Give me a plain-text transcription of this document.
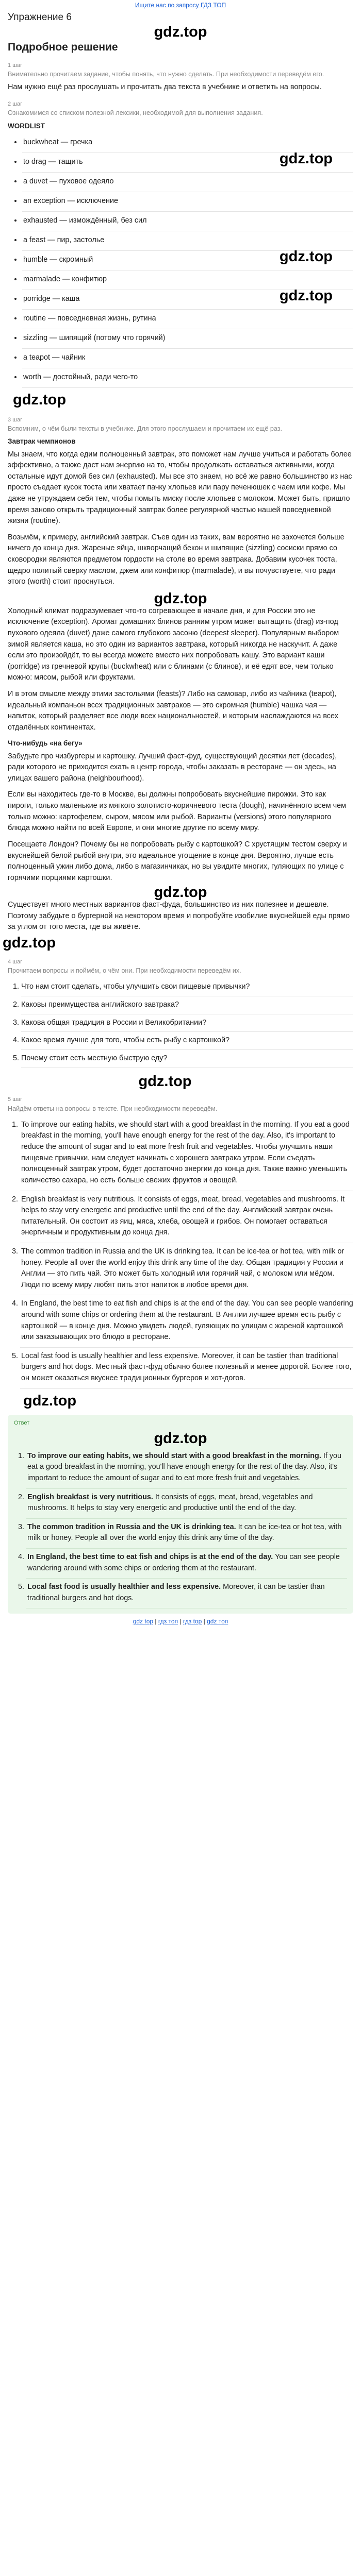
Ищите нас по запросу ГДЗ ТОП
Упражнение 6
gdz.top
Подробное решение
1 шаг
Внимательно прочитаем задание, чтобы понять, что нужно сделать. При необходимости переведём его.

Нам нужно ещё раз прослушать и прочитать два текста в учебнике и ответить на вопросы.

2 шаг
Ознакомимся со списком полезной лексики, необходимой для выполнения задания.
WORDLIST
• buckwheat — гречка
• to drag — тащить	gdz.top
• a duvet — пуховое одеяло
• an exception — исключение
• exhausted — измождённый, без сил
• a feast — пир, застолье
• humble — скромный	gdz.top
• marmalade — конфитюр
• porridge — каша	gdz.top
• routine — повседневная жизнь, рутина
• sizzling — шипящий (потому что горячий)
• a teapot — чайник
• worth — достойный, ради чего-то
gdz.top
3 шаг
Вспомним, о чём были тексты в учебнике. Для этого прослушаем и прочитаем их ещё раз.
Завтрак чемпионов

Мы знаем, что когда едим полноценный завтрак, это поможет нам лучше учиться и работать более эффективно, а также даст нам энергию на то, чтобы продолжать оставаться активными, когда остальные идут домой без сил (exhausted). Мы все это знаем, но всё же равно большинство из нас просто съедает кусок тоста или хватает пачку хлопьев или пару печенюшек с чаем или кофе. Мы даже не утруждаем себя тем, чтобы помыть миску после хлопьев с молоком. Может быть, пришло время заново открыть традиционный завтрак более регулярной частью нашей повседневной жизни (routine).

Возьмём, к примеру, английский завтрак. Съев один из таких, вам вероятно не захочется больше ничего до конца дня. Жареные яйца, шкворчащий бекон и шипящие (sizzling) сосиски прямо со сковородки являются предметом гордости на столе во время завтрака. Добавим кусочек тоста, щедро политый сверху маслом, джем или конфитюр (marmalade), и вы почувствуете, что ради этого (worth) стоит проснуться.

gdz.top

Холодный климат подразумевает что-то согревающее в начале дня, и для России это не исключение (exception). Аромат домашних блинов ранним утром может вытащить (drag) из-под пухового одеяла (duvet) даже самого глубокого засоню (deepest sleeper). Популярным выбором зимой является каша, но это один из вариантов завтрака, который никогда не наскучит. А даже если это произойдёт, то вы всегда можете вместо них попробовать кашу. Это вариант каши (porridge) из гречневой крупы (buckwheat) или с блинами (с блинов), и её едят все, чем только можно: мясом, рыбой или фруктами.

И в этом смысле между этими застольями (feasts)? Либо на самовар, либо из чайника (teapot), идеальный компаньон всех традиционных завтраков — это скромная (humble) чашка чая — напиток, который разделяет все люди всех национальностей, и которым наслаждаются на всех отдалённых континентах.

Что-нибудь «на бегу»

Забудьте про чизбургеры и картошку. Лучший фаст-фуд, существующий десятки лет (decades), ради которого не приходится ехать в центр города, чтобы заказать в ресторане — он здесь, на улицах вашего района (neighbourhood).

Если вы находитесь где-то в Москве, вы должны попробовать вкуснейшие пирожки. Это как пироги, только маленькие из мягкого золотисто-коричневого теста (dough), начинённого всем чем только можно: картофелем, сыром, мясом или рыбой. Варианты (versions) этого популярного блюда можно найти по всей Европе, и они многие другие по всему миру.

Посещаете Лондон? Почему бы не попробовать рыбу с картошкой? С хрустящим тестом сверху и вкуснейшей белой рыбой внутри, это идеальное угощение в конце дня. Вероятно, лучше есть полноценный ужин либо дома, либо в магазинчиках, но вы увидите многих, гуляющих по улице с горячими порциями картошки.

gdz.top

Существует много местных вариантов фаст-фуда, большинство из них полезнее и дешевле. Поэтому забудьте о бургерной на некотором время и попробуйте изобилие вкуснейшей еды прямо за углом от того места, где вы живёте.

gdz.top
4 шаг
Прочитаем вопросы и поймём, о чём они. При необходимости переведём их.
1. Что нам стоит сделать, чтобы улучшить свои пищевые привычки?
2. Каковы преимущества английского завтрака?
3. Какова общая традиция в России и Великобритании?
4. Какое время лучше для того, чтобы есть рыбу с картошкой?
5. Почему стоит есть местную быструю еду?
gdz.top
5 шаг
Найдём ответы на вопросы в тексте. При необходимости переведём.
1. To improve our eating habits, we should start with a good breakfast in the morning. If you eat a good breakfast in the morning, you'll have enough energy for the rest of the day. Also, it's important to reduce the amount of sugar and to eat more fresh fruit and vegetables. Чтобы улучшить наши пищевые привычки, нам следует начинать с хорошего завтрака утром. Если съедать полноценный завтрак утром, будет достаточно энергии до конца дня. Также важно уменьшить количество сахара, но есть больше свежих фруктов и овощей.
2. English breakfast is very nutritious. It consists of eggs, meat, bread, vegetables and mushrooms. It helps to stay very energetic and productive until the end of the day. Английский завтрак очень питательный. Он состоит из яиц, мяса, хлеба, овощей и грибов. Он помогает оставаться энергичным и продуктивным до конца дня.
3. The common tradition in Russia and the UK is drinking tea. It can be ice-tea or hot tea, with milk or honey. People all over the world enjoy this drink any time of the day. Общая традиция у России и Англии — это пить чай. Это может быть холодный или горячий чай, с молоком или мёдом. Люди по всему миру любят пить этот напиток в любое время дня.
4. In England, the best time to eat fish and chips is at the end of the day. You can see people wandering around with some chips or ordering them at the restaurant. В Англии лучшее время есть рыбу с картошкой — в конце дня. Можно увидеть людей, гуляющих по улицам с жареной картошкой или заказывающих это блюдо в ресторане.
5. Local fast food is usually healthier and less expensive. Moreover, it can be tastier than traditional burgers and hot dogs. Местный фаст-фуд обычно более полезный и менее дорогой. Более того, он может оказаться вкуснее традиционных бургеров и хот-догов.
gdz.top
Ответ
gdz.top
1. To improve our eating habits, we should start with a good breakfast in the morning. If you eat a good breakfast in the morning, you'll have enough energy for the rest of the day. Also, it's important to reduce the amount of sugar and to eat more fresh fruit and vegetables.
2. English breakfast is very nutritious. It consists of eggs, meat, bread, vegetables and mushrooms. It helps to stay very energetic and productive until the end of the day.
3. The common tradition in Russia and the UK is drinking tea. It can be ice-tea or hot tea, with milk or honey. People all over the world enjoy this drink any time of the day.
4. In England, the best time to eat fish and chips is at the end of the day. You can see people wandering around with some chips or ordering them at the restaurant.
5. Local fast food is usually healthier and less expensive. Moreover, it can be tastier than traditional burgers and hot dogs.
gdz top | гдз топ | гдз top | gdz топ
